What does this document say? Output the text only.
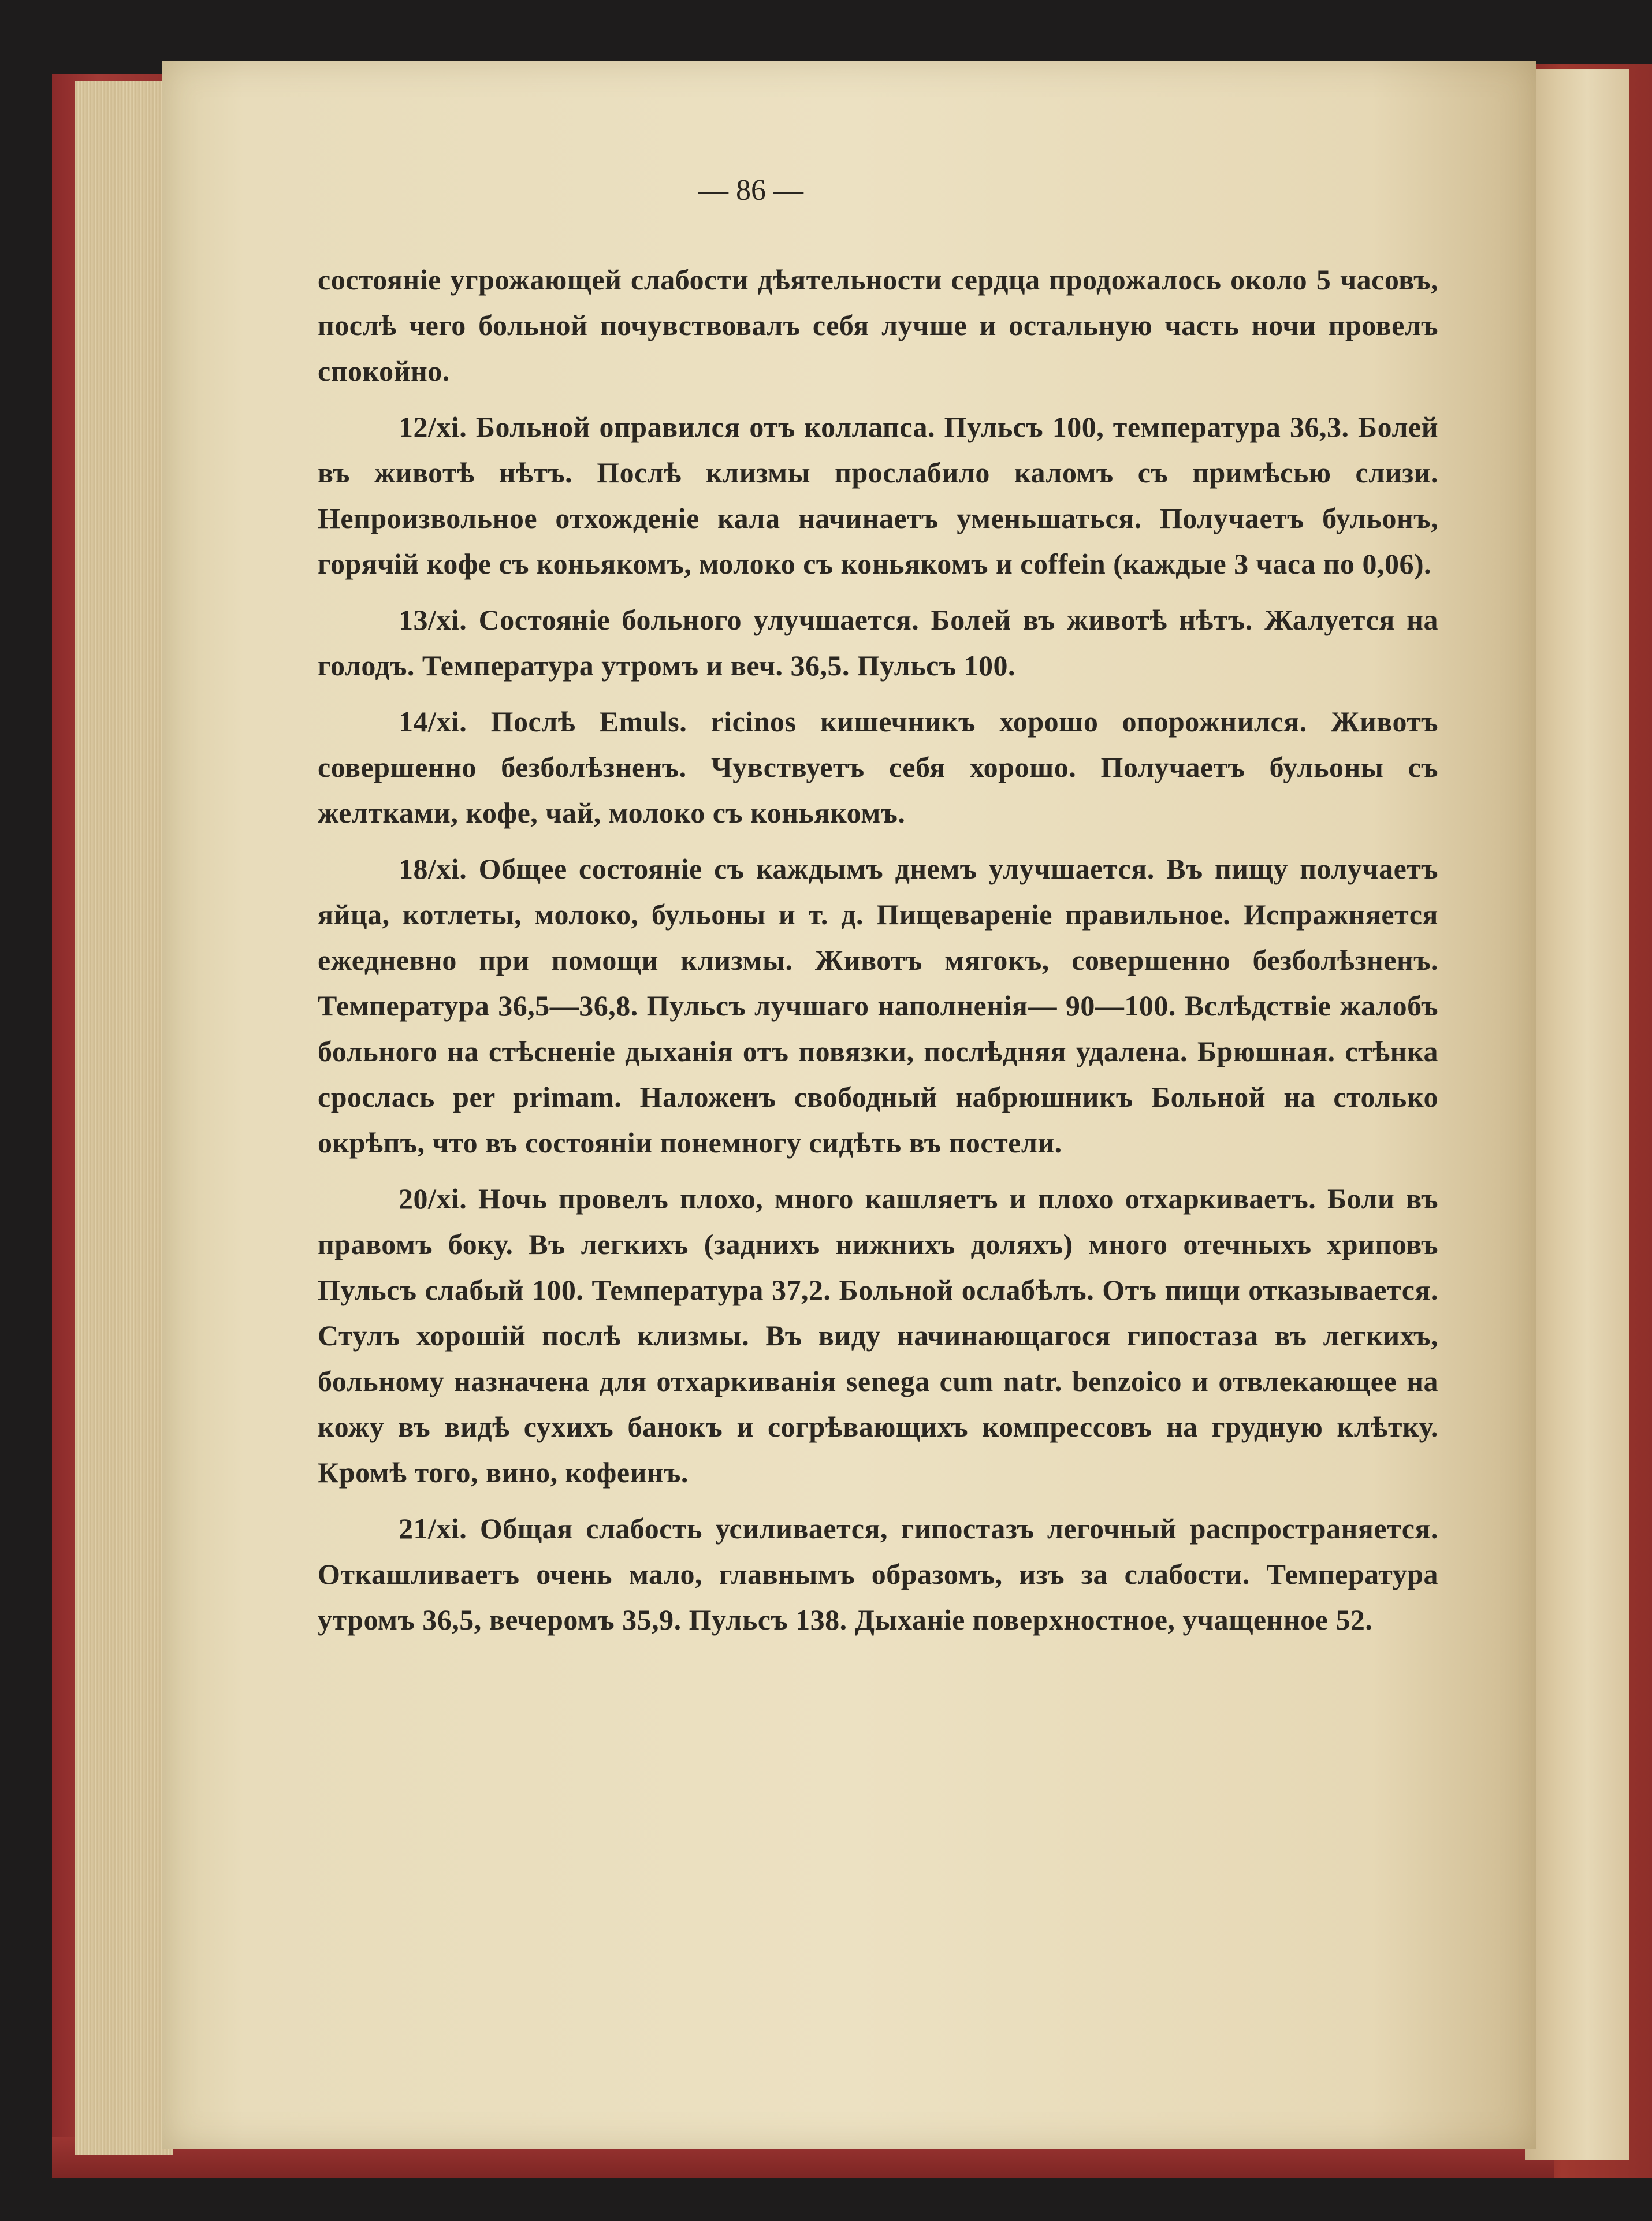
— 86 —

состояніе угрожающей слабости дѣятельности сердца продожалось около 5 часовъ, послѣ чего больной почувствовалъ себя лучше и остальную часть ночи провелъ спокойно.

12/xi. Больной оправился отъ коллапса. Пульсъ 100, температура 36,3. Болей въ животѣ нѣтъ. Послѣ клизмы прослабило каломъ съ примѣсью слизи. Непроизвольное отхожденіе кала начинаетъ уменьшаться. Получаетъ бульонъ, горячій кофе съ коньякомъ, молоко съ коньякомъ и coffein (каждые 3 часа по 0,06).

13/xi. Состояніе больного улучшается. Болей въ животѣ нѣтъ. Жалуется на голодъ. Температура утромъ и веч. 36,5. Пульсъ 100.

14/xi. Послѣ Emuls. ricinos кишечникъ хорошо опорожнился. Животъ совершенно безболѣзненъ. Чувствуетъ себя хорошо. Получаетъ бульоны съ желтками, кофе, чай, молоко съ коньякомъ.

18/xi. Общее состояніе съ каждымъ днемъ улучшается. Въ пищу получаетъ яйца, котлеты, молоко, бульоны и т. д. Пищевареніе правильное. Испражняется ежедневно при помощи клизмы. Животъ мягокъ, совершенно безболѣзненъ. Температура 36,5—36,8. Пульсъ лучшаго наполненія— 90—100. Вслѣдствіе жалобъ больного на стѣсненіе дыханія отъ повязки, послѣдняя удалена. Брюшная. стѣнка срослась per primam. Наложенъ свободный набрюшникъ Больной на столько окрѣпъ, что въ состояніи понемногу сидѣть въ постели.

20/xi. Ночь провелъ плохо, много кашляетъ и плохо отхаркиваетъ. Боли въ правомъ боку. Въ легкихъ (заднихъ нижнихъ доляхъ) много отечныхъ хриповъ Пульсъ слабый 100. Температура 37,2. Больной ослабѣлъ. Отъ пищи отказывается. Стулъ хорошій послѣ клизмы. Въ виду начинающагося гипостаза въ легкихъ, больному назначена для отхаркиванія senega cum natr. benzoico и отвлекающее на кожу въ видѣ сухихъ банокъ и согрѣвающихъ компрессовъ на грудную клѣтку. Кромѣ того, вино, кофеинъ.

21/xi. Общая слабость усиливается, гипостазъ легочный распространяется. Откашливаетъ очень мало, главнымъ образомъ, изъ за слабости. Температура утромъ 36,5, вечеромъ 35,9. Пульсъ 138. Дыханіе поверхностное, учащенное 52.
